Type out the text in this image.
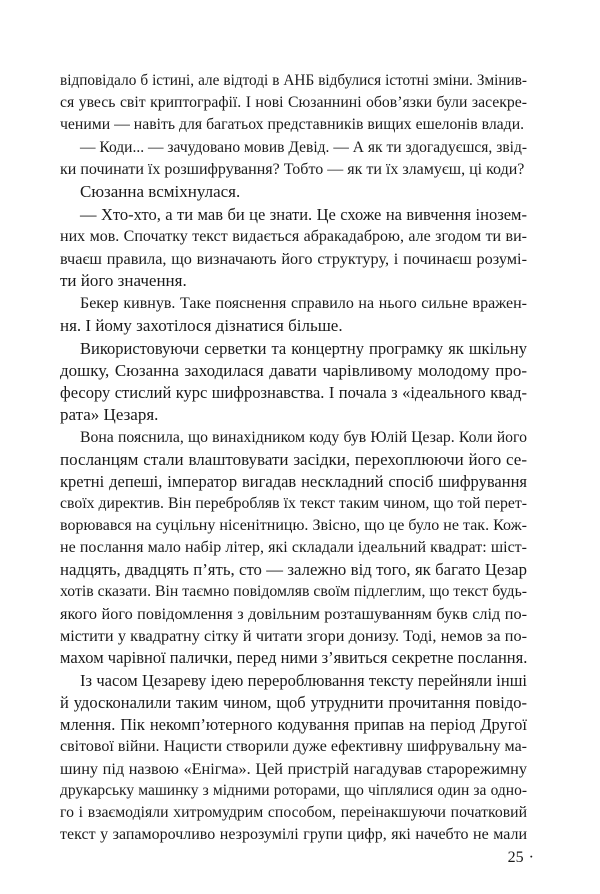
відповідало б істині, але відтоді в АНБ відбулися істотні зміни. Змінив-
ся увесь світ криптографії. І нові Сюзаннині обов’язки були засекре-
ченими — навіть для багатьох представників вищих ешелонів влади.
— Коди... — зачудовано мовив Девід. — А як ти здогадуєшся, звід-
ки починати їх розшифрування? Тобто — як ти їх зламуєш, ці коди?
Сюзанна всміхнулася.
— Хто-хто, а ти мав би це знати. Це схоже на вивчення інозем-
них мов. Спочатку текст видається абракадаброю, але згодом ти ви-
вчаєш правила, що визначають його структуру, і починаєш розумі-
ти його значення.
Бекер кивнув. Таке пояснення справило на нього сильне вражен-
ня. І йому захотілося дізнатися більше.
Використовуючи серветки та концертну програмку як шкільну
дошку, Сюзанна заходилася давати чарівливому молодому про-
фесору стислий курс шифрознавства. І почала з «ідеального квад-
рата» Цезаря.
Вона пояснила, що винахідником коду був Юлій Цезар. Коли його
посланцям стали влаштовувати засідки, перехоплюючи його се-
кретні депеші, імператор вигадав нескладний спосіб шифрування
своїх директив. Він перебробляв їх текст таким чином, що той перет-
ворювався на суцільну нісенітницю. Звісно, що це було не так. Кож-
не послання мало набір літер, які складали ідеальний квадрат: шіст-
надцять, двадцять п’ять, сто — залежно від того, як багато Цезар
хотів сказати. Він таємно повідомляв своїм підлеглим, що текст будь-
якого його повідомлення з довільним розташуванням букв слід по-
містити у квадратну сітку й читати згори донизу. Тоді, немов за по-
махом чарівної палички, перед ними з’явиться секретне послання.
Із часом Цезареву ідею перероблювання тексту перейняли інші
й удосконалили таким чином, щоб утруднити прочитання повідо-
млення. Пік некомп’ютерного кодування припав на період Другої
світової війни. Нацисти створили дуже ефективну шифрувальну ма-
шину під назвою «Енігма». Цей пристрій нагадував старорежимну
друкарську машинку з мідними роторами, що чіплялися один за одно-
го і взаємодіяли хитромудрим способом, переінакшуючи початковий
текст у запаморочливо незрозумілі групи цифр, які начебто не мали
25 ·
